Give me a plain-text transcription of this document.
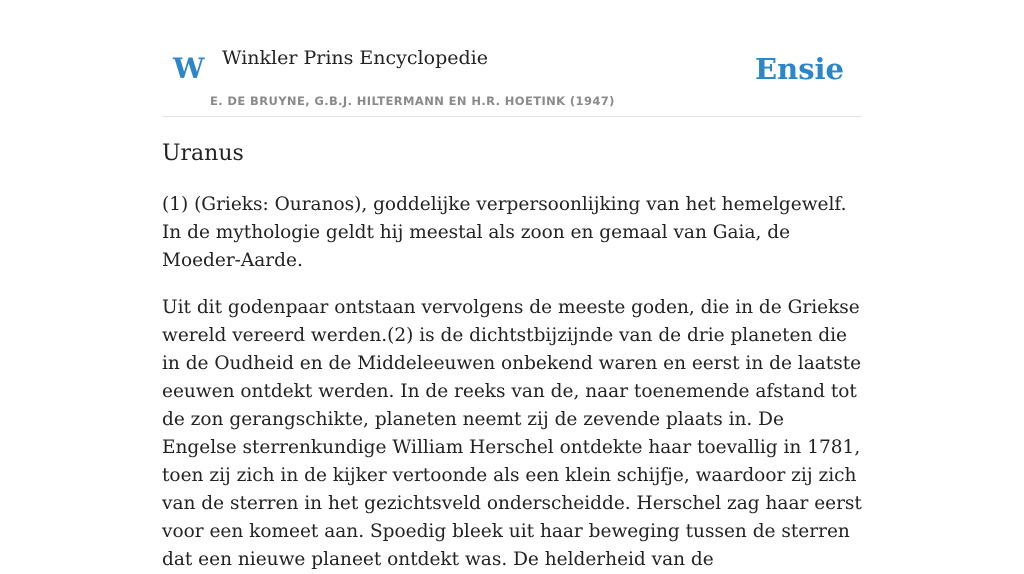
W Winkler Prins Encyclopedie
E. DE BRUYNE, G.B.J. HILTERMANN EN H.R. HOETINK (1947)
Ensie
Uranus

(1) (Grieks: Ouranos), goddelijke verpersoonlijking van het hemelgewelf. In de mythologie geldt hij meestal als zoon en gemaal van Gaia, de Moeder-Aarde.

Uit dit godenpaar ontstaan vervolgens de meeste goden, die in de Griekse wereld vereerd werden.(2) is de dichtstbijzijnde van de drie planeten die in de Oudheid en de Middeleeuwen onbekend waren en eerst in de laatste eeuwen ontdekt werden. In de reeks van de, naar toenemende afstand tot de zon gerangschikte, planeten neemt zij de zevende plaats in. De Engelse sterrenkundige William Herschel ontdekte haar toevallig in 1781, toen zij zich in de kijker vertoonde als een klein schijfje, waardoor zij zich van de sterren in het gezichtsveld onderscheidde. Herschel zag haar eerst voor een komeet aan. Spoedig bleek uit haar beweging tussen de sterren dat een nieuwe planeet ontdekt was. De helderheid van de
